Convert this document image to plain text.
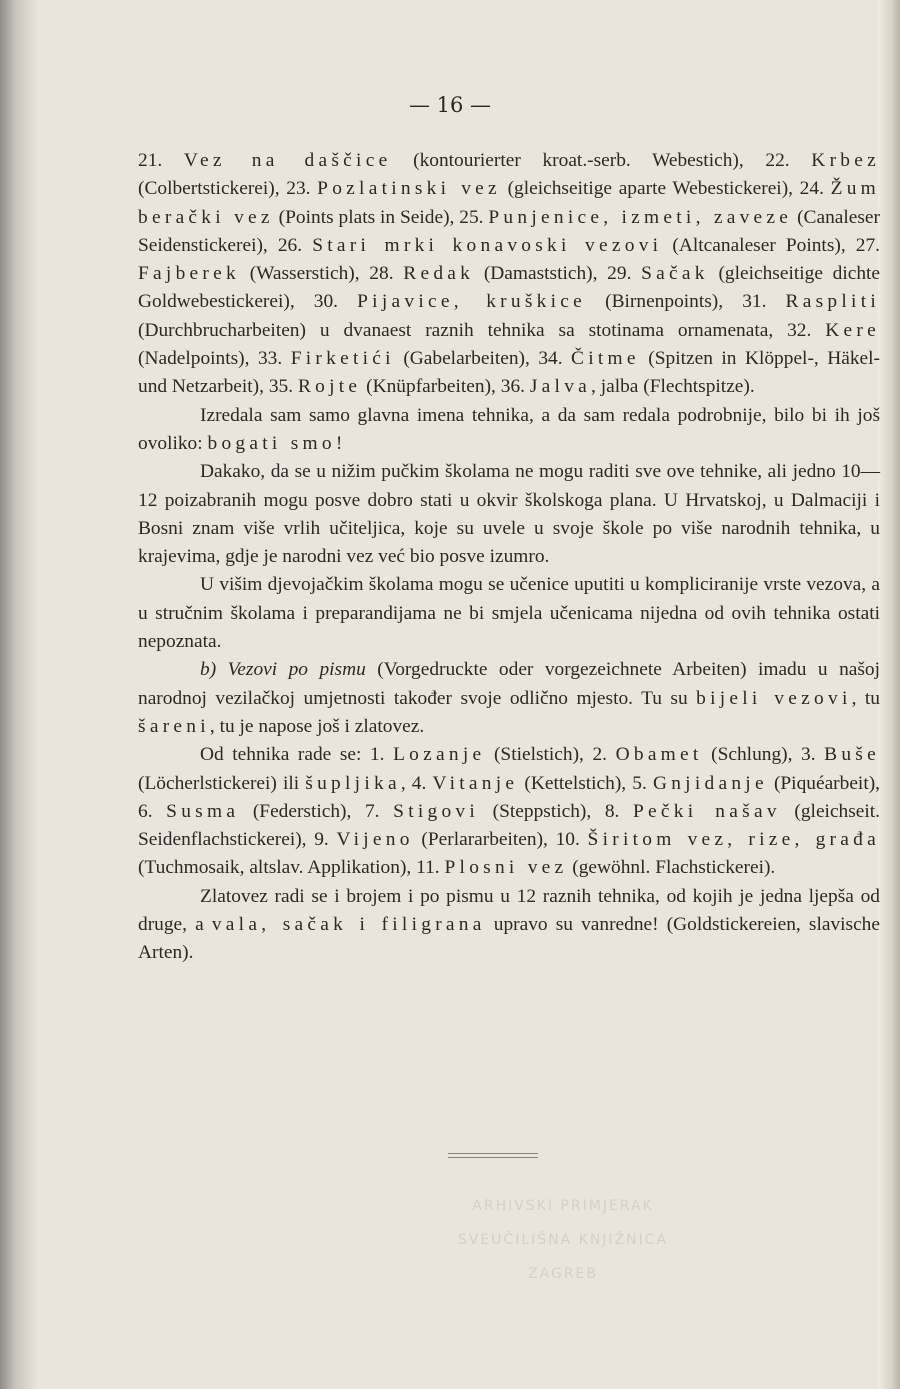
— 16 —

21. Vez na daščice (kontourierter kroat.-serb. Webestich), 22. Krbez (Colbertstickerei), 23. Pozlatinski vez (gleichseitige aparte Webestickerei), 24. Žum berački vez (Points plats in Seide), 25. Punjenice, izmeti, zaveze (Canaleser Seidenstickerei), 26. Stari mrki konavoski vezovi (Altcanaleser Points), 27. Fajberek (Wasserstich), 28. Redak (Damaststich), 29. Sačak (gleichseitige dichte Goldwebestickerei), 30. Pijavice, kruškice (Birnenpoints), 31. Raspliti (Durchbrucharbeiten) u dvanaest raznih tehnika sa stotinama ornamenata, 32. Kere (Nadelpoints), 33. Firketići (Gabelarbeiten), 34. Čitme (Spitzen in Klöppel-, Häkel- und Netzarbeit), 35. Rojte (Knüpfarbeiten), 36. Jalva, jalba (Flechtspitze).

Izredala sam samo glavna imena tehnika, a da sam redala podrobnije, bilo bi ih još ovoliko: bogati smo!

Dakako, da se u nižim pučkim školama ne mogu raditi sve ove tehnike, ali jedno 10—12 poizabranih mogu posve dobro stati u okvir školskoga plana. U Hrvatskoj, u Dalmaciji i Bosni znam više vrlih učiteljica, koje su uvele u svoje škole po više narodnih tehnika, u krajevima, gdje je narodni vez već bio posve izumro.

U višim djevojačkim školama mogu se učenice uputiti u kompliciranije vrste vezova, a u stručnim školama i preparandijama ne bi smjela učenicama nijedna od ovih tehnika ostati nepoznata.

b) Vezovi po pismu (Vorgedruckte oder vorgezeichnete Arbeiten) imadu u našoj narodnoj vezilačkoj umjetnosti također svoje odlično mjesto. Tu su bijeli vezovi, tu šareni, tu je napose još i zlatovez.

Od tehnika rade se: 1. Lozanje (Stielstich), 2. Obamet (Schlung), 3. Buše (Löcherlstickerei) ili šupljika, 4. Vitanje (Kettelstich), 5. Gnjidanje (Piquéarbeit), 6. Susma (Federstich), 7. Stigovi (Steppstich), 8. Pečki našav (gleichseit. Seidenflachstickerei), 9. Vijeno (Perlararbeiten), 10. Širitom vez, rize, građa (Tuchmosaik, altslav. Applikation), 11. Plosni vez (gewöhnl. Flachstickerei).

Zlatovez radi se i brojem i po pismu u 12 raznih tehnika, od kojih je jedna ljepša od druge, a vala, sačak i filigrana upravo su vanredne! (Goldstickereien, slavische Arten).

ARHIVSKI PRIMJERAK
SVEUČILIŠNA KNJIŽNICA
ZAGREB
